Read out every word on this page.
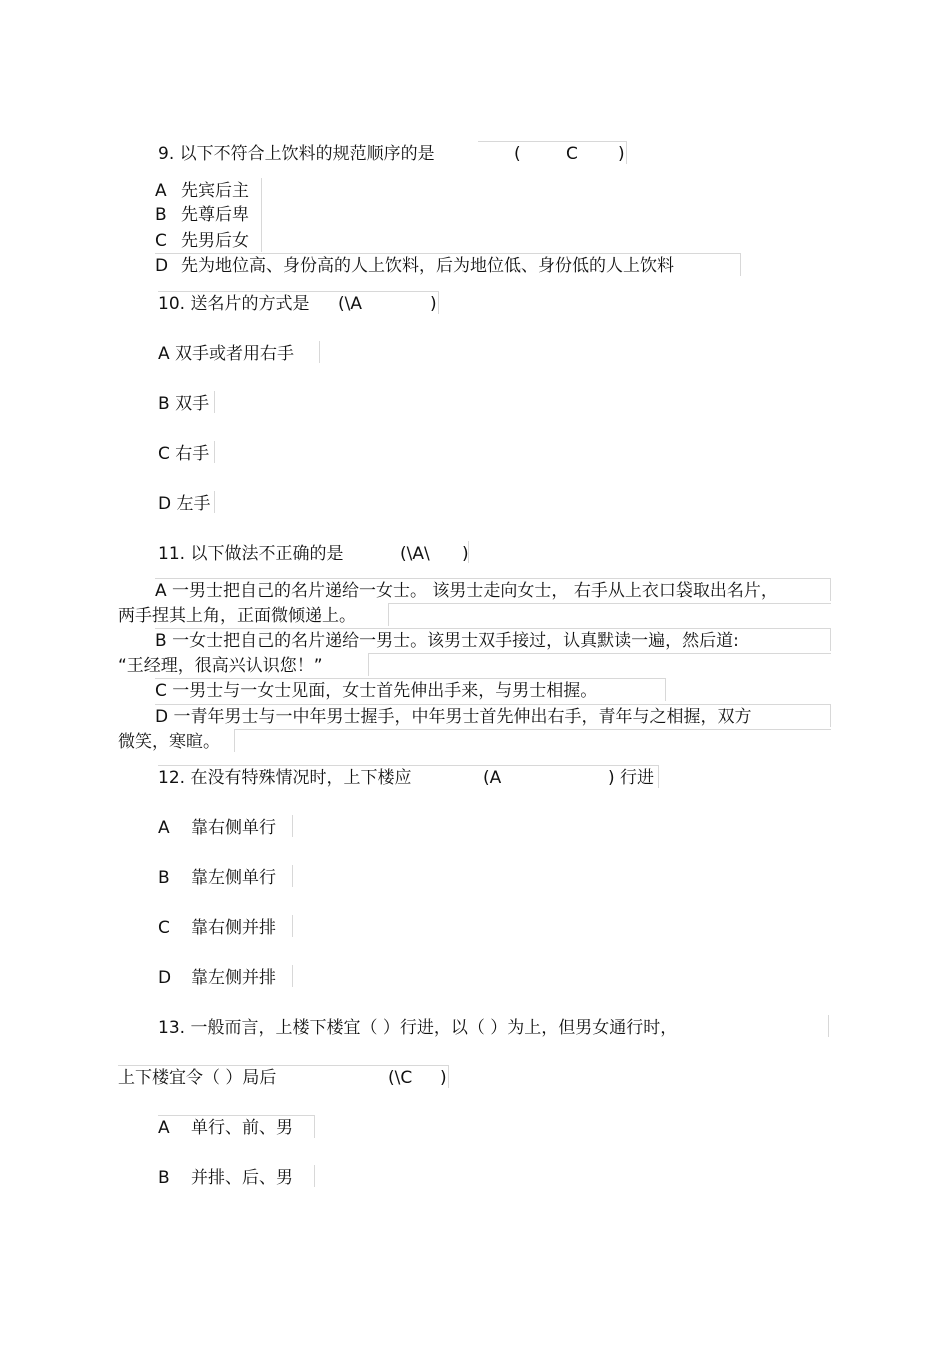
9. 以下不符合上饮料的规范顺序的是	(	C )
A 先宾后主
B 先尊后卑
C 先男后女
D 先为地位高、身份高的人上饮料，后为地位低、身份低的人上饮料
10. 送名片的方式是 (\A	)
A 双手或者用右手
B 双手
C 右手
D 左手
11. 以下做法不正确的是	(\A\ )
A 一男士把自己的名片递给一女士。 该男士走向女士， 右手从上衣口袋取出名片，
两手捏其上角，正面微倾递上。
B 一女士把自己的名片递给一男士。该男士双手接过，认真默读一遍，然后道:
“王经理，很高兴认识您！”
C 一男士与一女士见面，女士首先伸出手来，与男士相握。
D 一青年男士与一中年男士握手，中年男士首先伸出右手，青年与之相握，双方
微笑，寒暄。
12. 在没有特殊情况时，上下楼应	(A	) 行进
A 靠右侧单行
B 靠左侧单行
C 靠右侧并排
D 靠左侧并排
13. 一般而言，上楼下楼宜（ ）行进，以（ ）为上，但男女通行时，
上下楼宜令（ ）局后	(\C )
A 单行、前、男
B 并排、后、男
